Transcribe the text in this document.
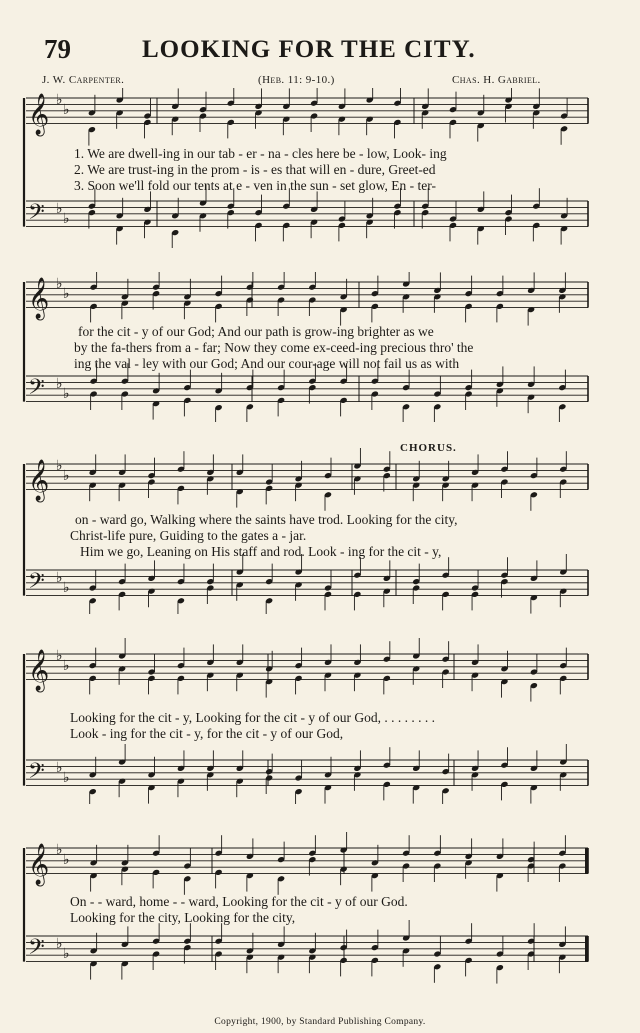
79	LOOKING FOR THE CITY.
J. W. Carpenter.	(Heb. 11: 9-10.)	Chas. H. Gabriel.
𝄞 ♭
♭
𝄢 ♭
♭
1. We are dwell-ing in our tab - er - na - cles here be - low, Look- ing
2. We are trust-ing in the prom - is - es that will en - dure, Greet-ed
3. Soon we'll fold our tents at e - ven in the sun - set glow, En - ter-
𝄞 ♭
♭
𝄢 ♭
♭
for the cit - y of our God; And our path is grow-ing brighter as we
by the fa-thers from a - far; Now they come ex-ceed-ing precious thro' the
ing the val - ley with our God; And our cour-age will not fail us as with
CHORUS.
𝄞 ♭
♭
𝄢 ♭
♭
on - ward go, Walking where the saints have trod. Looking for the city,
Christ-life pure, Guiding to the gates a - jar.
Him we go, Leaning on His staff and rod. Look - ing for the cit - y,
𝄞 ♭
♭
𝄢 ♭
♭
Looking for the cit - y, Looking for the cit - y of our God, . . . . . . . .
Look - ing for the cit - y, for the cit - y of our God,
𝄞 ♭
♭
𝄢 ♭
♭
On - - ward, home - - ward, Looking for the cit - y of our God.
Looking for the city, Looking for the city,
Copyright, 1900, by Standard Publishing Company.
